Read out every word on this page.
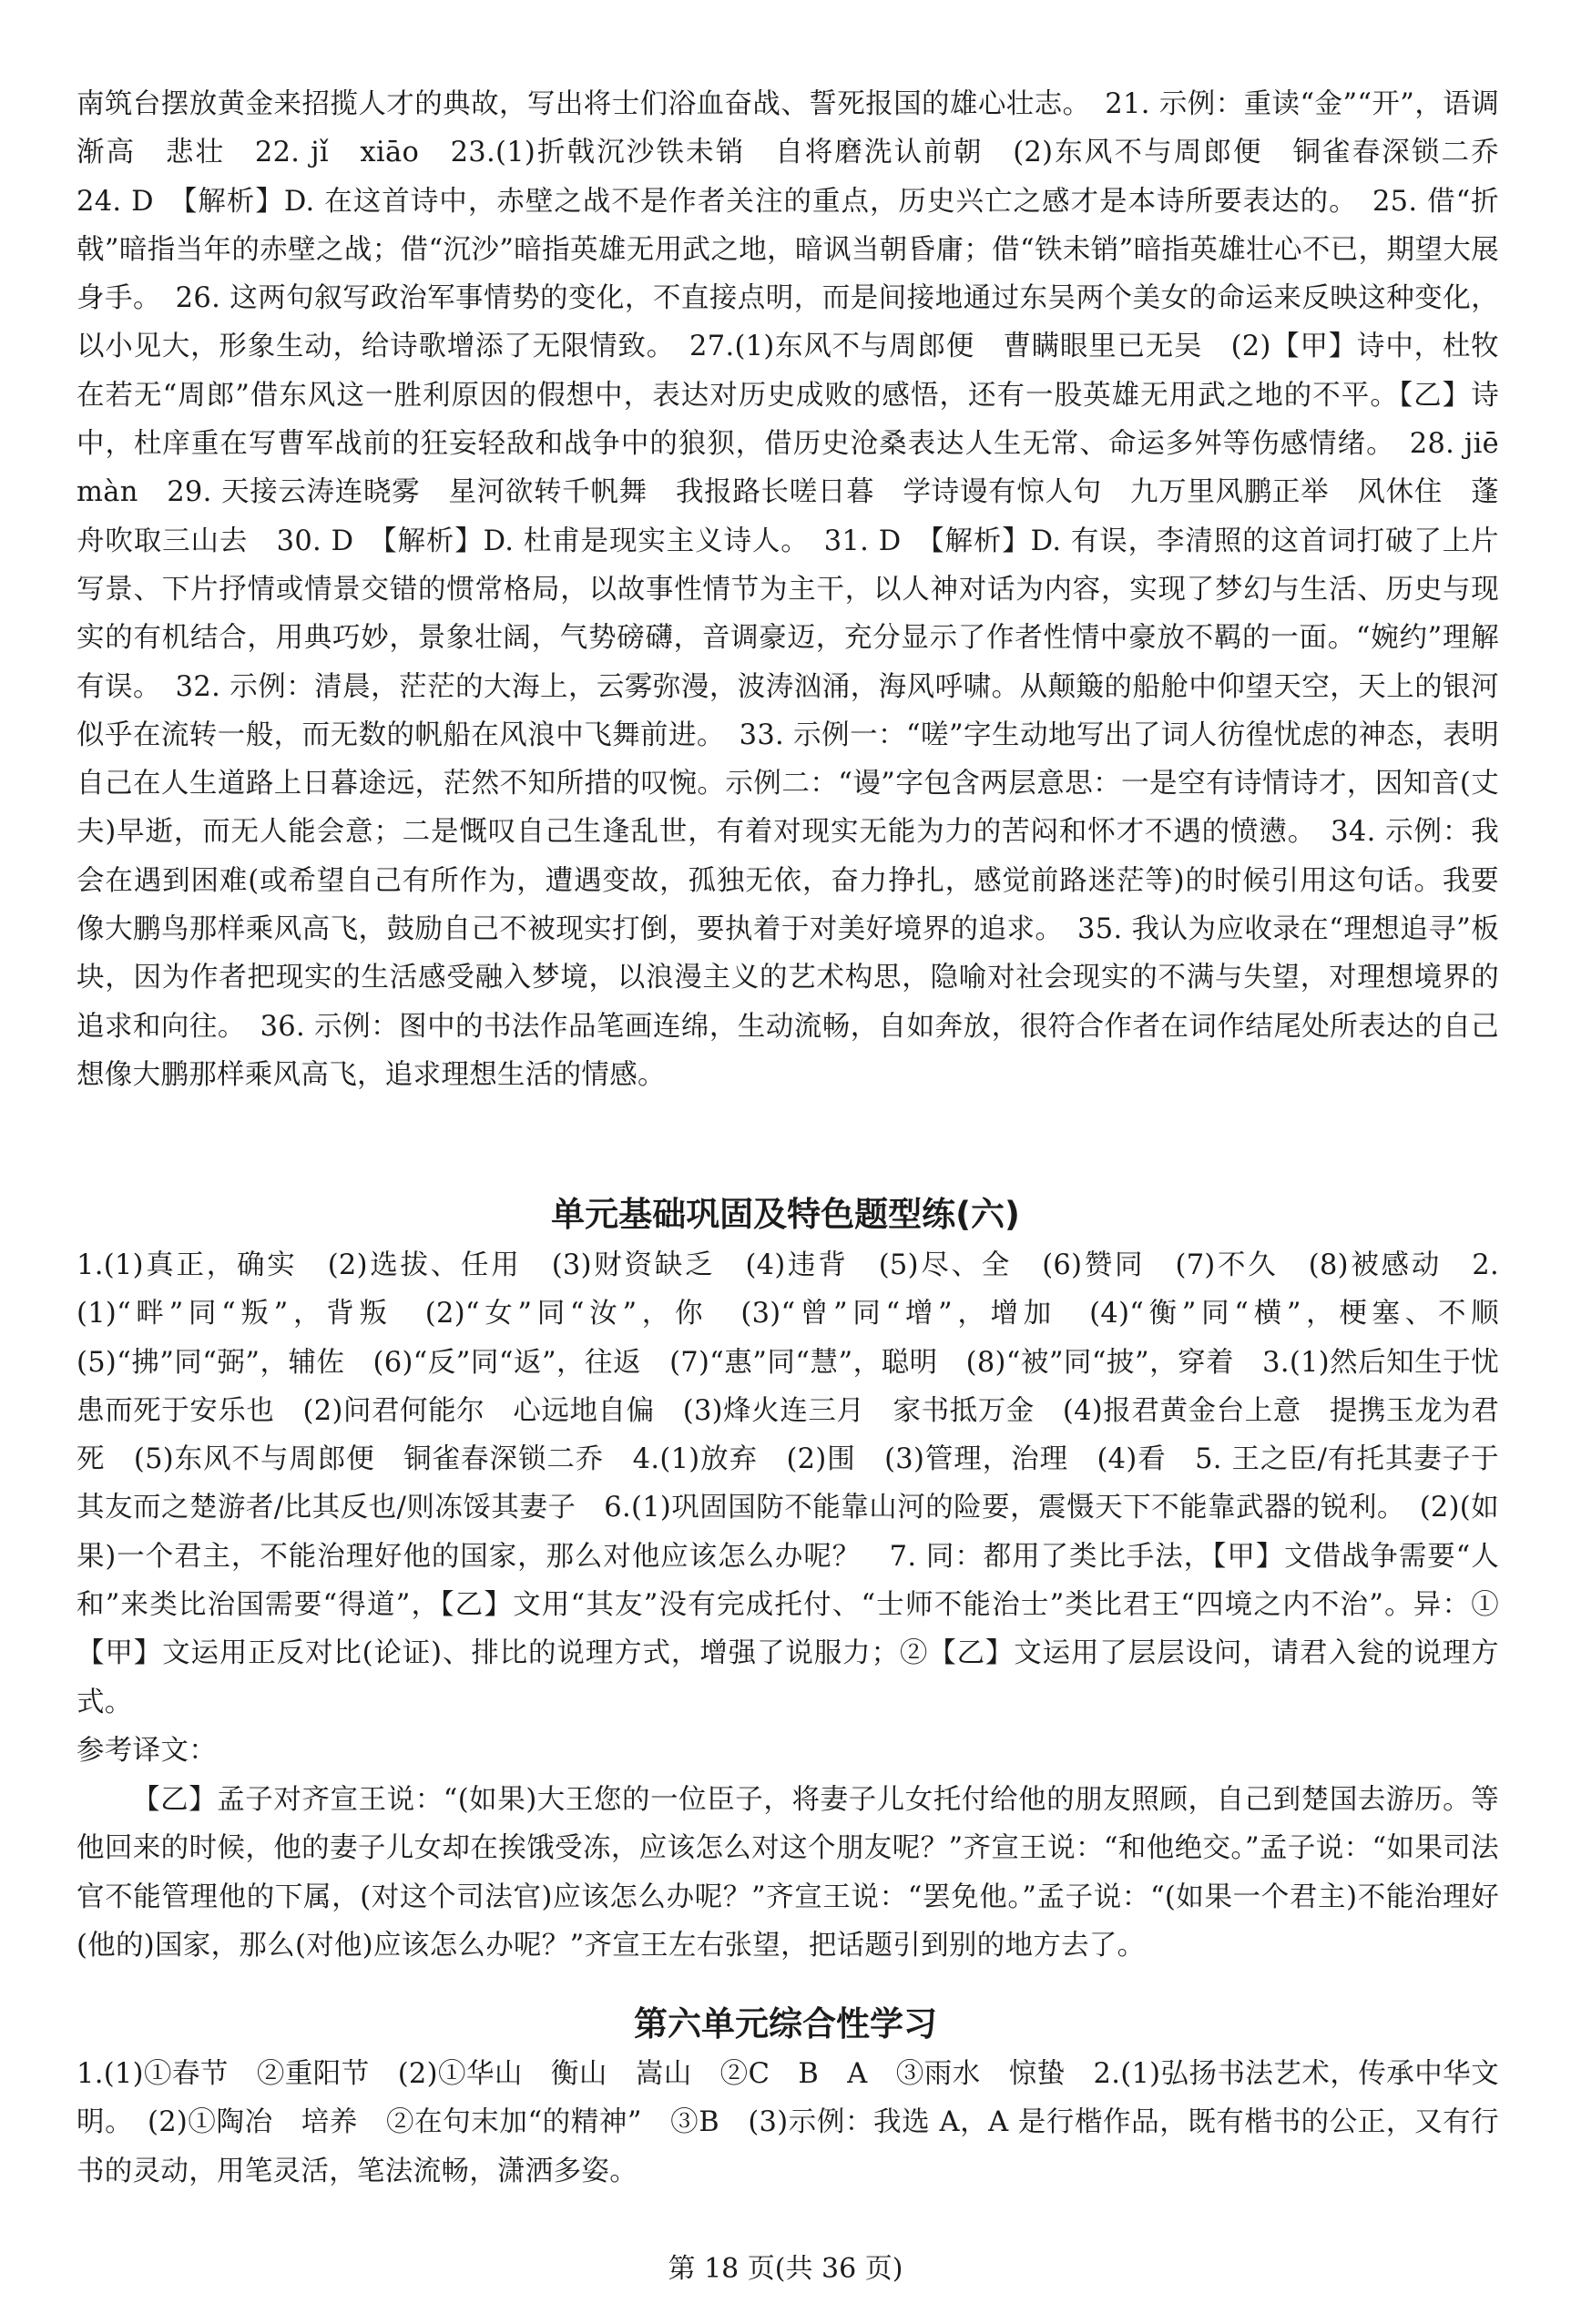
南筑台摆放黄金来招揽人才的典故，写出将士们浴血奋战、誓死报国的雄心壮志。　21. 示例：重读“金”“开”，语调渐高　悲壮　22. jǐ　xiāo　23.(1)折戟沉沙铁未销　自将磨洗认前朝　(2)东风不与周郎便　铜雀春深锁二乔　24. D　【解析】D. 在这首诗中，赤壁之战不是作者关注的重点，历史兴亡之感才是本诗所要表达的。　25. 借“折戟”暗指当年的赤壁之战；借“沉沙”暗指英雄无用武之地，暗讽当朝昏庸；借“铁未销”暗指英雄壮心不已，期望大展身手。　26. 这两句叙写政治军事情势的变化，不直接点明，而是间接地通过东吴两个美女的命运来反映这种变化，以小见大，形象生动，给诗歌增添了无限情致。　27.(1)东风不与周郎便　曹瞒眼里已无吴　(2)【甲】诗中，杜牧在若无“周郎”借东风这一胜利原因的假想中，表达对历史成败的感悟，还有一股英雄无用武之地的不平。【乙】诗中，杜庠重在写曹军战前的狂妄轻敌和战争中的狼狈，借历史沧桑表达人生无常、命运多舛等伤感情绪。　28. jiē　màn　29. 天接云涛连晓雾　星河欲转千帆舞　我报路长嗟日暮　学诗谩有惊人句　九万里风鹏正举　风休住　蓬舟吹取三山去　30. D　【解析】D. 杜甫是现实主义诗人。　31. D　【解析】D. 有误，李清照的这首词打破了上片写景、下片抒情或情景交错的惯常格局，以故事性情节为主干，以人神对话为内容，实现了梦幻与生活、历史与现实的有机结合，用典巧妙，景象壮阔，气势磅礴，音调豪迈，充分显示了作者性情中豪放不羁的一面。“婉约”理解有误。　32. 示例：清晨，茫茫的大海上，云雾弥漫，波涛汹涌，海风呼啸。从颠簸的船舱中仰望天空，天上的银河似乎在流转一般，而无数的帆船在风浪中飞舞前进。　33. 示例一：“嗟”字生动地写出了词人彷徨忧虑的神态，表明自己在人生道路上日暮途远，茫然不知所措的叹惋。示例二：“谩”字包含两层意思：一是空有诗情诗才，因知音(丈夫)早逝，而无人能会意；二是慨叹自己生逢乱世，有着对现实无能为力的苦闷和怀才不遇的愤懑。　34. 示例：我会在遇到困难(或希望自己有所作为，遭遇变故，孤独无依，奋力挣扎，感觉前路迷茫等)的时候引用这句话。我要像大鹏鸟那样乘风高飞，鼓励自己不被现实打倒，要执着于对美好境界的追求。　35. 我认为应收录在“理想追寻”板块，因为作者把现实的生活感受融入梦境，以浪漫主义的艺术构思，隐喻对社会现实的不满与失望，对理想境界的追求和向往。　36. 示例：图中的书法作品笔画连绵，生动流畅，自如奔放，很符合作者在词作结尾处所表达的自己想像大鹏那样乘风高飞，追求理想生活的情感。

单元基础巩固及特色题型练(六)

1.(1)真正，确实　(2)选拔、任用　(3)财资缺乏　(4)违背　(5)尽、全　(6)赞同　(7)不久　(8)被感动　2.(1)“畔”同“叛”，背叛　(2)“女”同“汝”，你　(3)“曾”同“增”，增加　(4)“衡”同“横”，梗塞、不顺　(5)“拂”同“弼”，辅佐　(6)“反”同“返”，往返　(7)“惠”同“慧”，聪明　(8)“被”同“披”，穿着　3.(1)然后知生于忧患而死于安乐也　(2)问君何能尔　心远地自偏　(3)烽火连三月　家书抵万金　(4)报君黄金台上意　提携玉龙为君死　(5)东风不与周郎便　铜雀春深锁二乔　4.(1)放弃　(2)围　(3)管理，治理　(4)看　5. 王之臣/有托其妻子于其友而之楚游者/比其反也/则冻馁其妻子　6.(1)巩固国防不能靠山河的险要，震慑天下不能靠武器的锐利。　(2)(如果)一个君主，不能治理好他的国家，那么对他应该怎么办呢？　7. 同：都用了类比手法，【甲】文借战争需要“人和”来类比治国需要“得道”，【乙】文用“其友”没有完成托付、“士师不能治士”类比君王“四境之内不治”。异：①【甲】文运用正反对比(论证)、排比的说理方式，增强了说服力；②【乙】文运用了层层设问，请君入瓮的说理方式。

参考译文：

【乙】孟子对齐宣王说：“(如果)大王您的一位臣子，将妻子儿女托付给他的朋友照顾，自己到楚国去游历。等他回来的时候，他的妻子儿女却在挨饿受冻，应该怎么对这个朋友呢？”齐宣王说：“和他绝交。”孟子说：“如果司法官不能管理他的下属，(对这个司法官)应该怎么办呢？”齐宣王说：“罢免他。”孟子说：“(如果一个君主)不能治理好(他的)国家，那么(对他)应该怎么办呢？”齐宣王左右张望，把话题引到别的地方去了。

第六单元综合性学习

1.(1)①春节　②重阳节　(2)①华山　衡山　嵩山　②C　B　A　③雨水　惊蛰　2.(1)弘扬书法艺术，传承中华文明。　(2)①陶冶　培养　②在句末加“的精神”　③B　(3)示例：我选 A，A 是行楷作品，既有楷书的公正，又有行书的灵动，用笔灵活，笔法流畅，潇洒多姿。

第 18 页(共 36 页)
